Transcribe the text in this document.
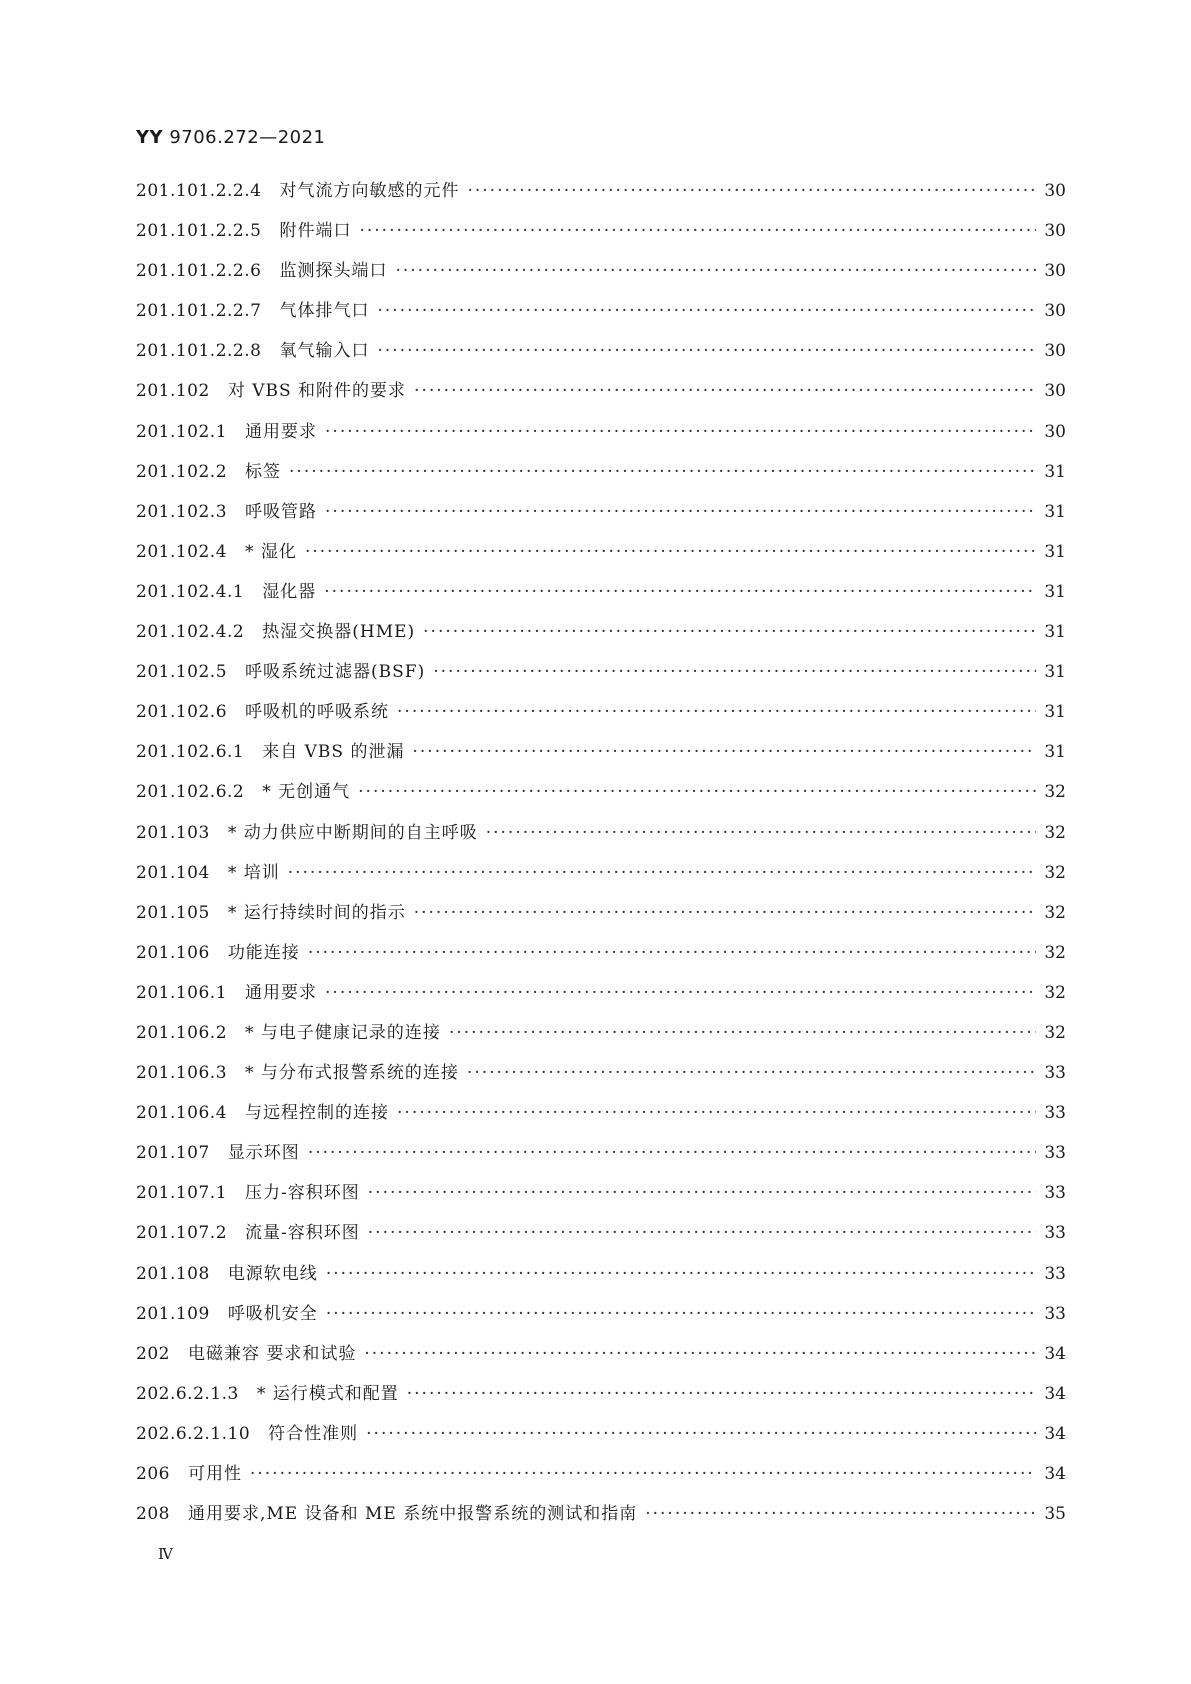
YY 9706.272—2021
201.101.2.2.4	对气流方向敏感的元件 ·····	30
201.101.2.2.5	附件端口 ·····	30
201.101.2.2.6	监测探头端口 ·····	30
201.101.2.2.7	气体排气口 ·····	30
201.101.2.2.8	氧气输入口 ·····	30
201.102	对 VBS 和附件的要求 ·····	30
201.102.1	通用要求 ·····	30
201.102.2	标签 ·····	31
201.102.3	呼吸管路 ·····	31
201.102.4	* 湿化 ·····	31
201.102.4.1	湿化器 ·····	31
201.102.4.2	热湿交换器(HME) ·····	31
201.102.5	呼吸系统过滤器(BSF) ·····	31
201.102.6	呼吸机的呼吸系统 ·····	31
201.102.6.1	来自 VBS 的泄漏 ·····	31
201.102.6.2	* 无创通气 ·····	32
201.103	* 动力供应中断期间的自主呼吸 ·····	32
201.104	* 培训 ·····	32
201.105	* 运行持续时间的指示 ·····	32
201.106	功能连接 ·····	32
201.106.1	通用要求 ·····	32
201.106.2	* 与电子健康记录的连接 ·····	32
201.106.3	* 与分布式报警系统的连接 ·····	33
201.106.4	与远程控制的连接 ·····	33
201.107	显示环图 ·····	33
201.107.1	压力-容积环图 ·····	33
201.107.2	流量-容积环图 ·····	33
201.108	电源软电线 ·····	33
201.109	呼吸机安全 ·····	33
202	电磁兼容 要求和试验 ·····	34
202.6.2.1.3	* 运行模式和配置 ·····	34
202.6.2.1.10	符合性准则 ·····	34
206	可用性 ·····	34
208	通用要求,ME 设备和 ME 系统中报警系统的测试和指南 ·····	35
Ⅳ
